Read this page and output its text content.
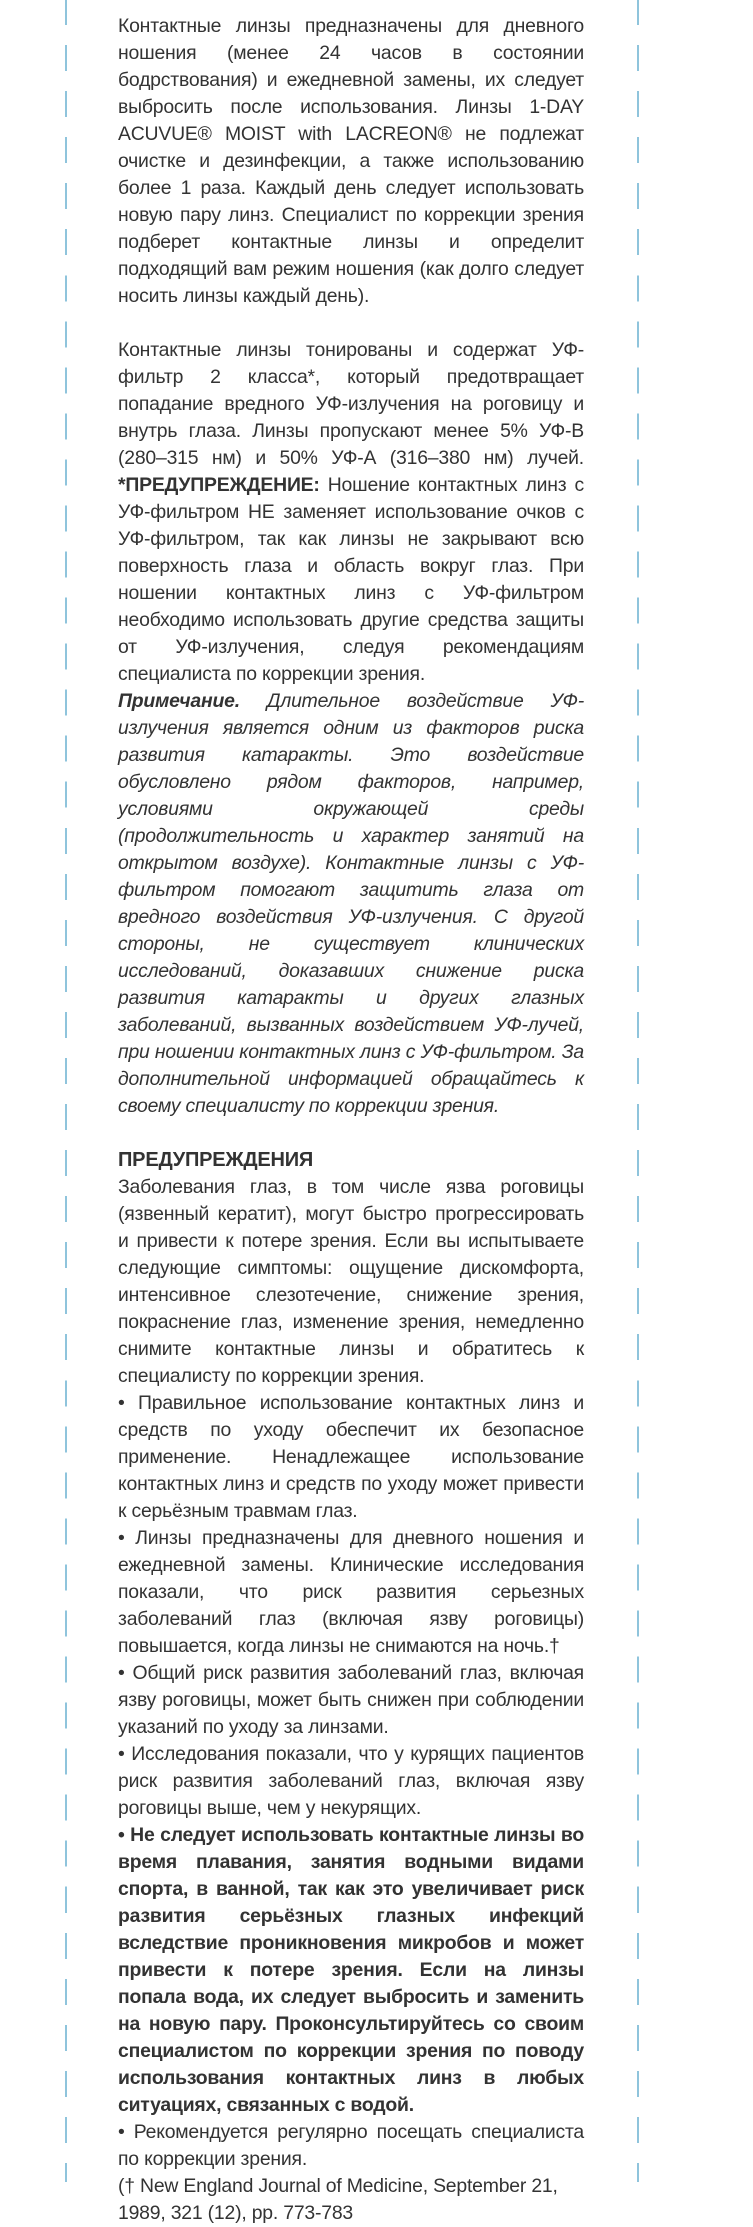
Контактные линзы предназначены для дневного ношения (менее 24 часов в состоянии бодрствования) и ежедневной замены, их следует выбросить после использования. Линзы 1-DAY ACUVUE® MOIST with LACREON® не подлежат очистке и дезинфекции, а также использованию более 1 раза. Каждый день следует использовать новую пару линз. Специалист по коррекции зрения подберет контактные линзы и определит подходящий вам режим ношения (как долго следует носить линзы каждый день).

Контактные линзы тонированы и содержат УФ-фильтр 2 класса*, который предотвращает попадание вредного УФ-излучения на роговицу и внутрь глаза. Линзы пропускают менее 5% УФ-В (280–315 нм) и 50% УФ-А (316–380 нм) лучей. *ПРЕДУПРЕЖДЕНИЕ: Ношение контактных линз с УФ-фильтром НЕ заменяет использование очков с УФ-фильтром, так как линзы не закрывают всю поверхность глаза и область вокруг глаз. При ношении контактных линз с УФ-фильтром необходимо использовать другие средства защиты от УФ-излучения, следуя рекомендациям специалиста по коррекции зрения.

Примечание. Длительное воздействие УФ-излучения является одним из факторов риска развития катаракты. Это воздействие обусловлено рядом факторов, например, условиями окружающей среды (продолжительность и характер занятий на открытом воздухе). Контактные линзы с УФ-фильтром помогают защитить глаза от вредного воздействия УФ-излучения. С другой стороны, не существует клинических исследований, доказавших снижение риска развития катаракты и других глазных заболеваний, вызванных воздействием УФ-лучей, при ношении контактных линз с УФ-фильтром. За дополнительной информацией обращайтесь к своему специалисту по коррекции зрения.

ПРЕДУПРЕЖДЕНИЯ

Заболевания глаз, в том числе язва роговицы (язвенный кератит), могут быстро прогрессировать и привести к потере зрения. Если вы испытываете следующие симптомы: ощущение дискомфорта, интенсивное слезотечение, снижение зрения, покраснение глаз, изменение зрения, немедленно снимите контактные линзы и обратитесь к специалисту по коррекции зрения.

• Правильное использование контактных линз и средств по уходу обеспечит их безопасное применение. Ненадлежащее использование контактных линз и средств по уходу может привести к серьёзным травмам глаз.

• Линзы предназначены для дневного ношения и ежедневной замены. Клинические исследования показали, что риск развития серьезных заболеваний глаз (включая язву роговицы) повышается, когда линзы не снимаются на ночь.†

• Общий риск развития заболеваний глаз, включая язву роговицы, может быть снижен при соблюдении указаний по уходу за линзами.

• Исследования показали, что у курящих пациентов риск развития заболеваний глаз, включая язву роговицы выше, чем у некурящих.

• Не следует использовать контактные линзы во время плавания, занятия водными видами спорта, в ванной, так как это увеличивает риск развития серьёзных глазных инфекций вследствие проникновения микробов и может привести к потере зрения. Если на линзы попала вода, их следует выбросить и заменить на новую пару. Проконсультируйтесь со своим специалистом по коррекции зрения по поводу использования контактных линз в любых ситуациях, связанных с водой.

• Рекомендуется регулярно посещать специалиста по коррекции зрения.

(† New England Journal of Medicine, September 21, 1989, 321 (12), pp. 773-783
